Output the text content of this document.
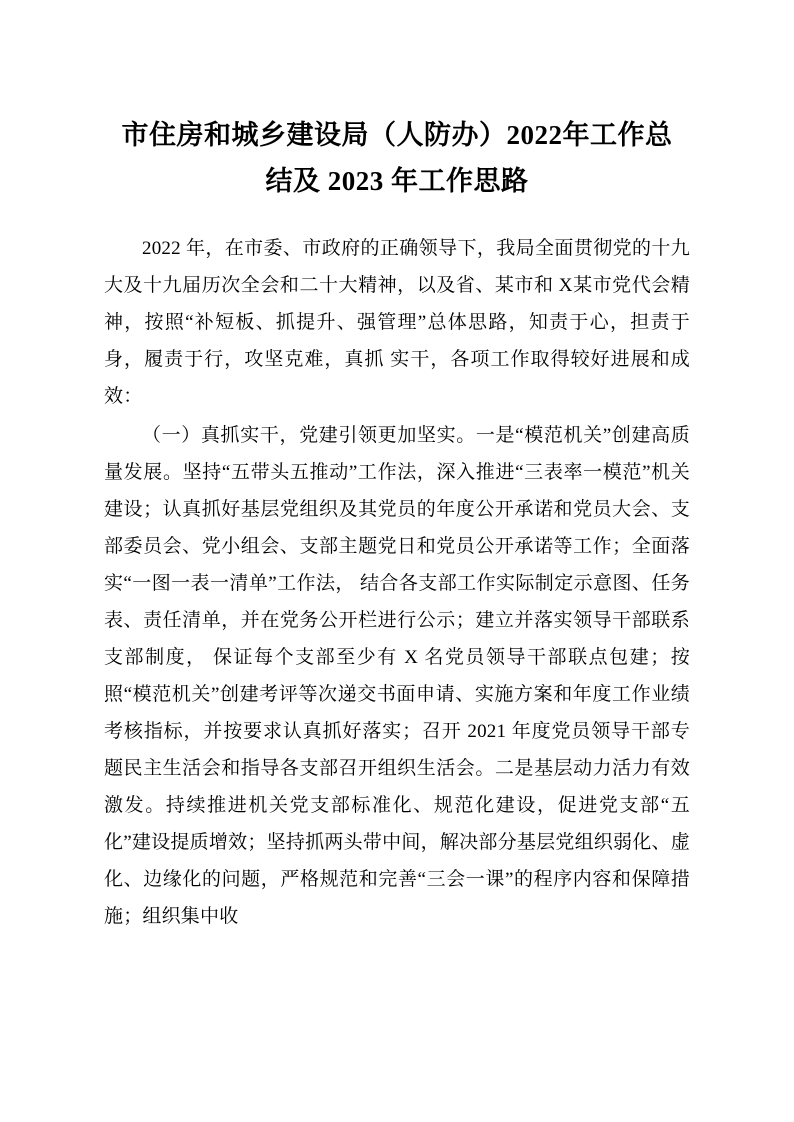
市住房和城乡建设局（人防办）2022年工作总结及 2023 年工作思路

2022 年，在市委、市政府的正确领导下，我局全面贯彻党的十九大及十九届历次全会和二十大精神，以及省、某市和 X某市党代会精神，按照“补短板、抓提升、强管理”总体思路，知责于心，担责于身，履责于行，攻坚克难，真抓 实干，各项工作取得较好进展和成效：

（一）真抓实干，党建引领更加坚实。一是“模范机关”创建高质量发展。坚持“五带头五推动”工作法，深入推进“三表率一模范”机关建设；认真抓好基层党组织及其党员的年度公开承诺和党员大会、支部委员会、党小组会、支部主题党日和党员公开承诺等工作；全面落实“一图一表一清单”工作法， 结合各支部工作实际制定示意图、任务表、责任清单，并在党务公开栏进行公示；建立并落实领导干部联系支部制度， 保证每个支部至少有 X 名党员领导干部联点包建；按照“模范机关”创建考评等次递交书面申请、实施方案和年度工作业绩考核指标，并按要求认真抓好落实；召开 2021 年度党员领导干部专题民主生活会和指导各支部召开组织生活会。二是基层动力活力有效激发。持续推进机关党支部标准化、规范化建设，促进党支部“五化”建设提质增效；坚持抓两头带中间，解决部分基层党组织弱化、虚化、边缘化的问题，严格规范和完善“三会一课”的程序内容和保障措施；组织集中收
